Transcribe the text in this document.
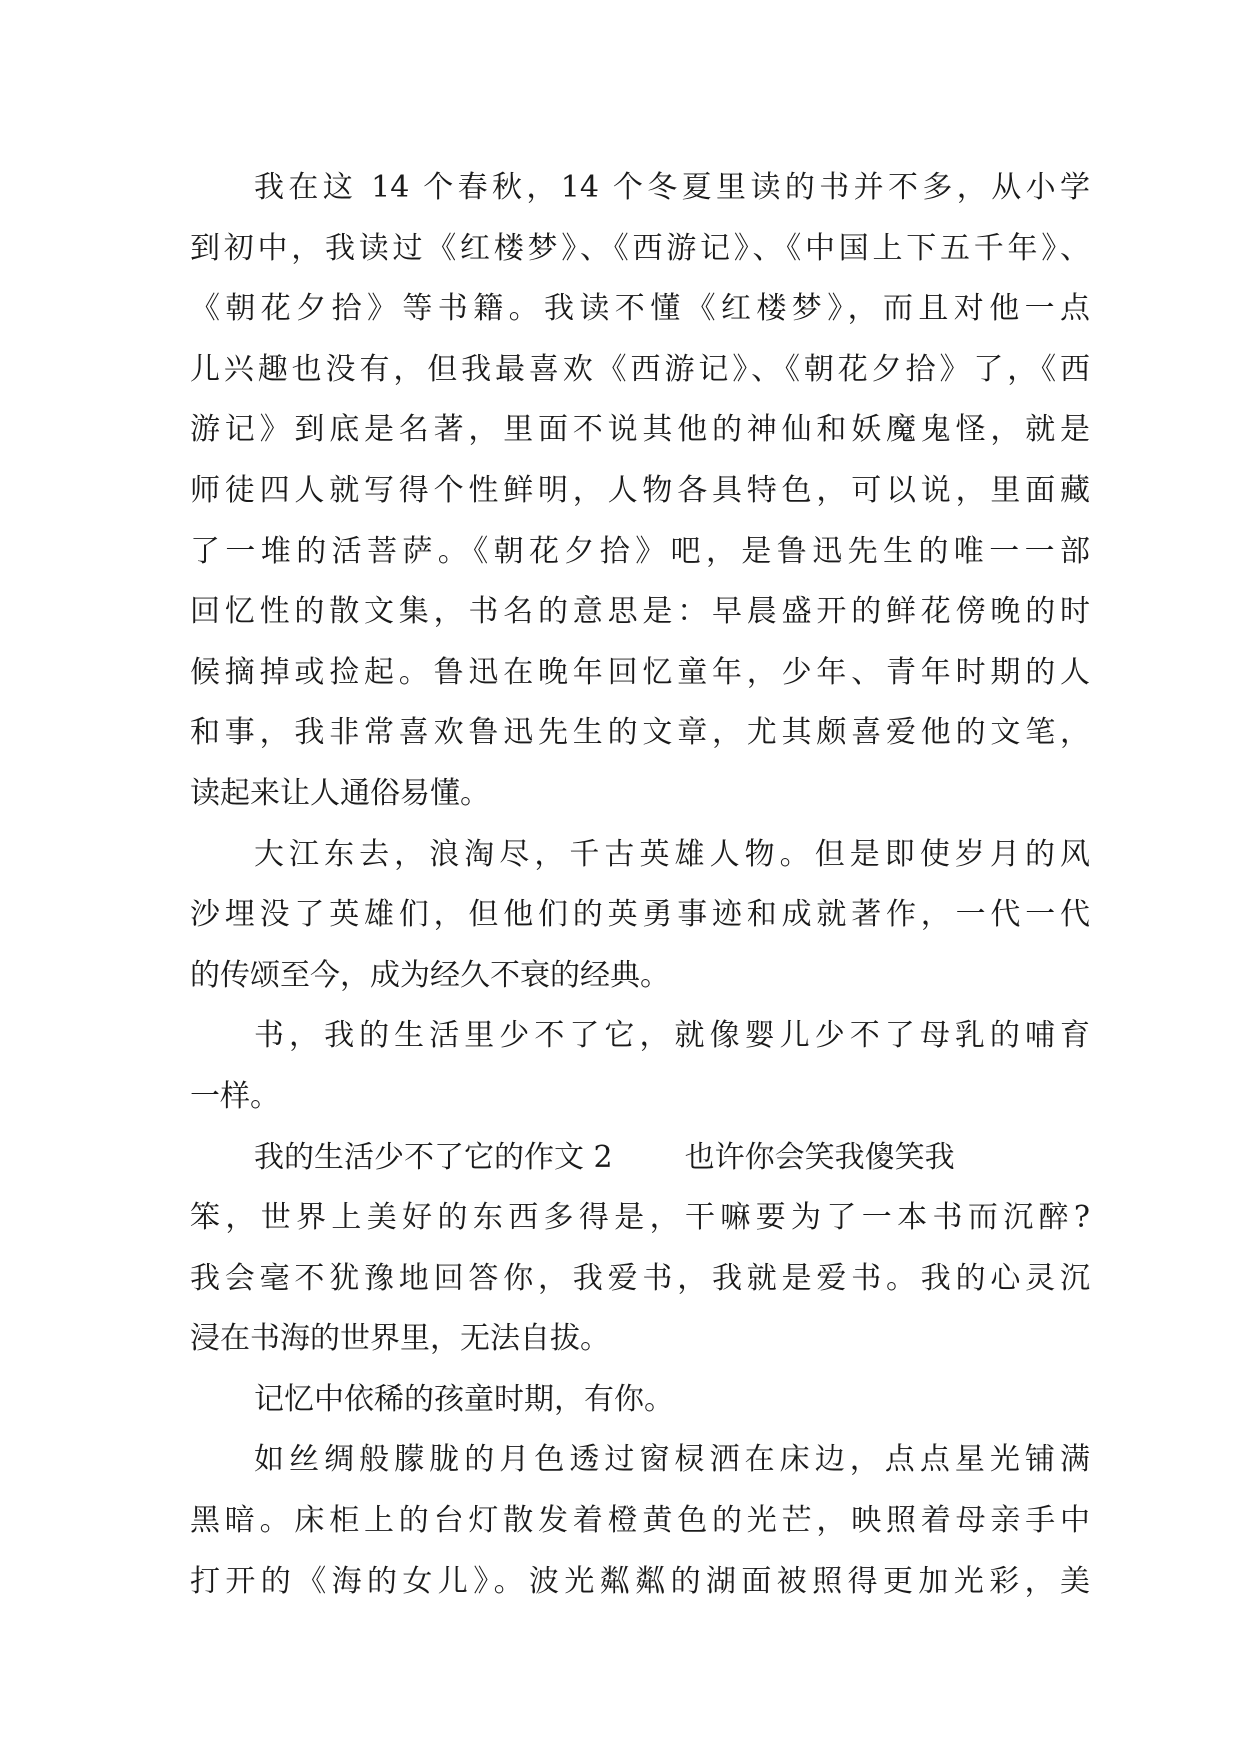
我在这 14 个春秋，14 个冬夏里读的书并不多，从小学
到初中，我读过《红楼梦》、《西游记》、《中国上下五千年》、
《朝花夕拾》等书籍。我读不懂《红楼梦》，而且对他一点
儿兴趣也没有，但我最喜欢《西游记》、《朝花夕拾》了，《西
游记》到底是名著，里面不说其他的神仙和妖魔鬼怪，就是
师徒四人就写得个性鲜明，人物各具特色，可以说，里面藏
了一堆的活菩萨。《朝花夕拾》吧，是鲁迅先生的唯一一部
回忆性的散文集，书名的意思是：早晨盛开的鲜花傍晚的时
候摘掉或捡起。鲁迅在晚年回忆童年，少年、青年时期的人
和事，我非常喜欢鲁迅先生的文章，尤其颇喜爱他的文笔，
读起来让人通俗易懂。
大江东去，浪淘尽，千古英雄人物。但是即使岁月的风
沙埋没了英雄们，但他们的英勇事迹和成就著作，一代一代
的传颂至今，成为经久不衰的经典。
书，我的生活里少不了它，就像婴儿少不了母乳的哺育
一样。
我的生活少不了它的作文 2 也许你会笑我傻笑我
笨，世界上美好的东西多得是，干嘛要为了一本书而沉醉?
我会毫不犹豫地回答你，我爱书，我就是爱书。我的心灵沉
浸在书海的世界里，无法自拔。
记忆中依稀的孩童时期，有你。
如丝绸般朦胧的月色透过窗棂洒在床边，点点星光铺满
黑暗。床柜上的台灯散发着橙黄色的光芒，映照着母亲手中
打开的《海的女儿》。波光粼粼的湖面被照得更加光彩，美
